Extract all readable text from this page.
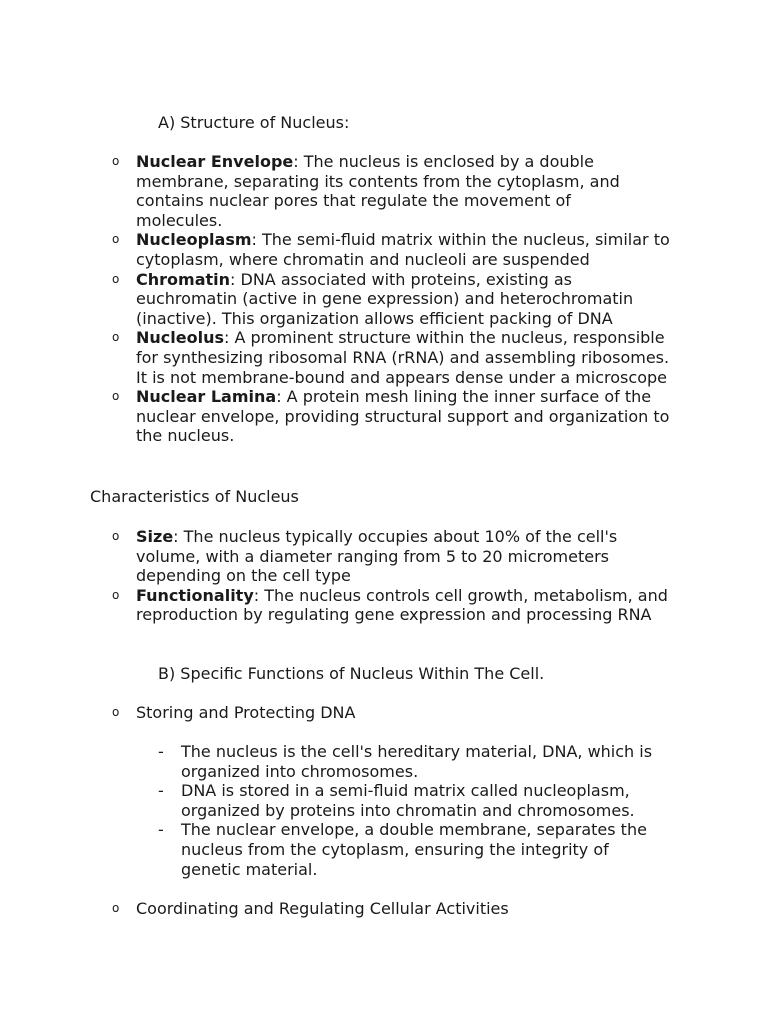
A) Structure of Nucleus:

o Nuclear Envelope: The nucleus is enclosed by a double membrane, separating its contents from the cytoplasm, and contains nuclear pores that regulate the movement of molecules.
o Nucleoplasm: The semi-fluid matrix within the nucleus, similar to cytoplasm, where chromatin and nucleoli are suspended
o Chromatin: DNA associated with proteins, existing as euchromatin (active in gene expression) and heterochromatin (inactive). This organization allows efficient packing of DNA
o Nucleolus: A prominent structure within the nucleus, responsible for synthesizing ribosomal RNA (rRNA) and assembling ribosomes. It is not membrane-bound and appears dense under a microscope
o Nuclear Lamina: A protein mesh lining the inner surface of the nuclear envelope, providing structural support and organization to the nucleus.

Characteristics of Nucleus

o Size: The nucleus typically occupies about 10% of the cell's volume, with a diameter ranging from 5 to 20 micrometers depending on the cell type
o Functionality: The nucleus controls cell growth, metabolism, and reproduction by regulating gene expression and processing RNA

B) Specific Functions of Nucleus Within The Cell.

o Storing and Protecting DNA
- The nucleus is the cell's hereditary material, DNA, which is organized into chromosomes.
- DNA is stored in a semi-fluid matrix called nucleoplasm, organized by proteins into chromatin and chromosomes.
- The nuclear envelope, a double membrane, separates the nucleus from the cytoplasm, ensuring the integrity of genetic material.
o Coordinating and Regulating Cellular Activities
